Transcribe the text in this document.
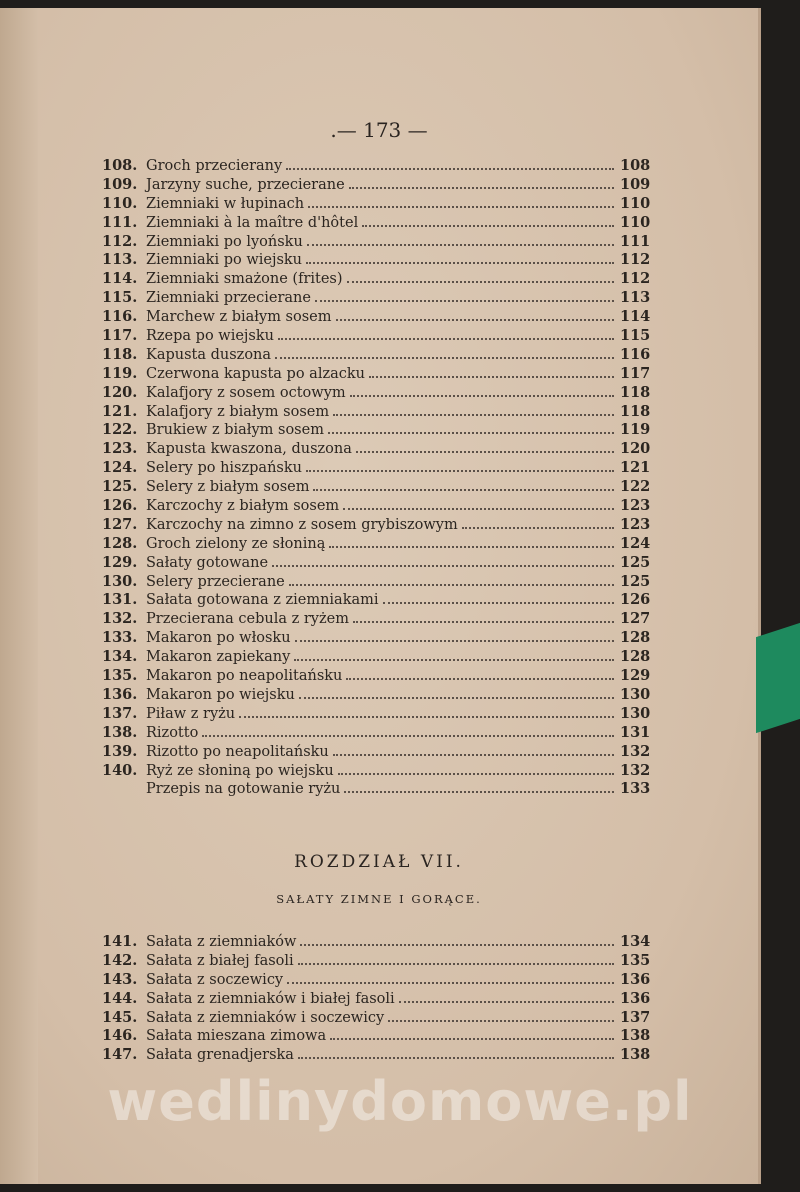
.— 173 —
108. Groch przecierany	108
109. Jarzyny suche, przecierane	109
110. Ziemniaki w łupinach	110
111. Ziemniaki à la maître d'hôtel	110
112. Ziemniaki po lyońsku	111
113. Ziemniaki po wiejsku	112
114. Ziemniaki smażone (frites)	112
115. Ziemniaki przecierane	113
116. Marchew z białym sosem	114
117. Rzepa po wiejsku	115
118. Kapusta duszona	116
119. Czerwona kapusta po alzacku	117
120. Kalafjory z sosem octowym	118
121. Kalafjory z białym sosem	118
122. Brukiew z białym sosem	119
123. Kapusta kwaszona, duszona	120
124. Selery po hiszpańsku	121
125. Selery z białym sosem	122
126. Karczochy z białym sosem	123
127. Karczochy na zimno z sosem grybiszowym	123
128. Groch zielony ze słoniną	124
129. Sałaty gotowane	125
130. Selery przecierane	125
131. Sałata gotowana z ziemniakami	126
132. Przecierana cebula z ryżem	127
133. Makaron po włosku	128
134. Makaron zapiekany	128
135. Makaron po neapolitańsku	129
136. Makaron po wiejsku	130
137. Piław z ryżu	130
138. Rizotto	131
139. Rizotto po neapolitańsku	132
140. Ryż ze słoniną po wiejsku	132
Przepis na gotowanie ryżu	133
ROZDZIAŁ VII.
SAŁATY ZIMNE I GORĄCE.
141. Sałata z ziemniaków	134
142. Sałata z białej fasoli	135
143. Sałata z soczewicy	136
144. Sałata z ziemniaków i białej fasoli	136
145. Sałata z ziemniaków i soczewicy	137
146. Sałata mieszana zimowa	138
147. Sałata grenadjerska	138
wedlinydomowe.pl
